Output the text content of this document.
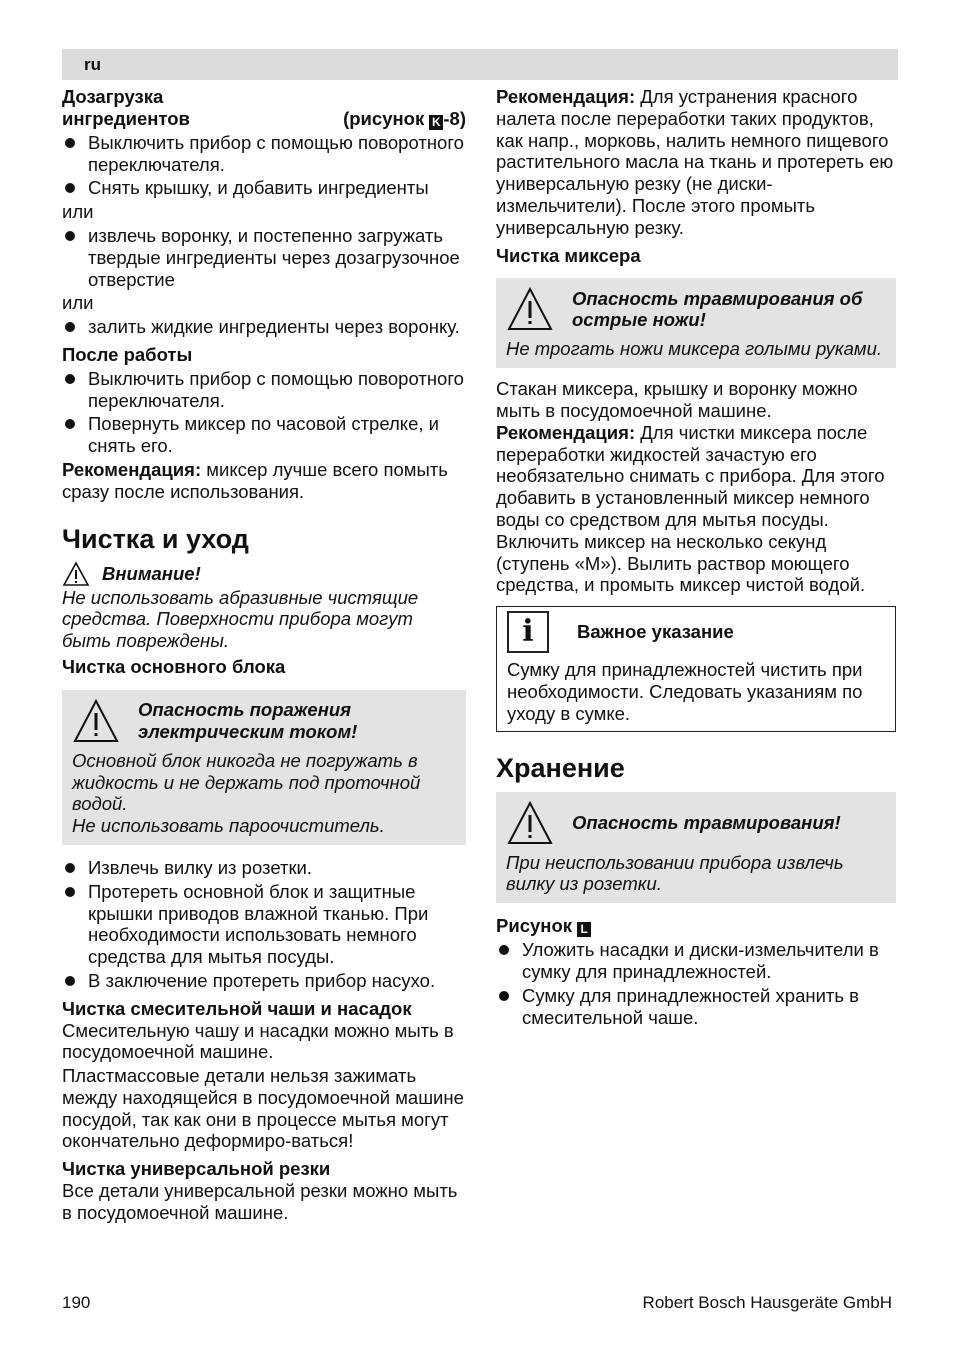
ru
Дозагрузка
ингредиентов	(рисунок K -8)
Выключить прибор с помощью поворотного переключателя.
Снять крышку, и добавить ингредиенты

или

извлечь воронку, и постепенно загружать твердые ингредиенты через дозагрузочное отверстие

или

залить жидкие ингредиенты через воронку.

После работы

Выключить прибор с помощью поворотного переключателя.
Повернуть миксер по часовой стрелке, и снять его.

Рекомендация: миксер лучше всего помыть сразу после использования.

Чистка и уход

Внимание!

Не использовать абразивные чистящие средства. Поверхности прибора могут быть повреждены.

Чистка основного блока

Опасность поражения электрическим током!

Основной блок никогда не погружать в жидкость и не держать под проточной водой.

Не использовать пароочиститель.

Извлечь вилку из розетки.
Протереть основной блок и защитные крышки приводов влажной тканью. При необходимости использовать немного средства для мытья посуды.
В заключение протереть прибор насухо.

Чистка смесительной чаши и насадок

Смесительную чашу и насадки можно мыть в посудомоечной машине.

Пластмассовые детали нельзя зажимать между находящейся в посудомоечной машине посудой, так как они в процессе мытья могут окончательно деформиро-ваться!

Чистка универсальной резки

Все детали универсальной резки можно мыть в посудомоечной машине.

Рекомендация: Для устранения красного налета после переработки таких продуктов, как напр., морковь, налить немного пищевого растительного масла на ткань и протереть ею универсальную резку (не диски-измельчители). После этого промыть универсальную резку.

Чистка миксера

Опасность травмирования об острые ножи!

Не трогать ножи миксера голыми руками.

Стакан миксера, крышку и воронку можно мыть в посудомоечной машине.

Рекомендация: Для чистки миксера после переработки жидкостей зачастую его необязательно снимать с прибора. Для этого добавить в установленный миксер немного воды со средством для мытья посуды. Включить миксер на несколько секунд (ступень «M»). Вылить раствор моющего средства, и промыть миксер чистой водой.

i	Важное указание

Сумку для принадлежностей чистить при необходимости. Следовать указаниям по уходу в сумке.

Хранение

Опасность травмирования!

При неиспользовании прибора извлечь вилку из розетки.

Рисунок L

Уложить насадки и диски-измельчители в сумку для принадлежностей.
Сумку для принадлежностей хранить в смесительной чаше.
190	Robert Bosch Hausgeräte GmbH
